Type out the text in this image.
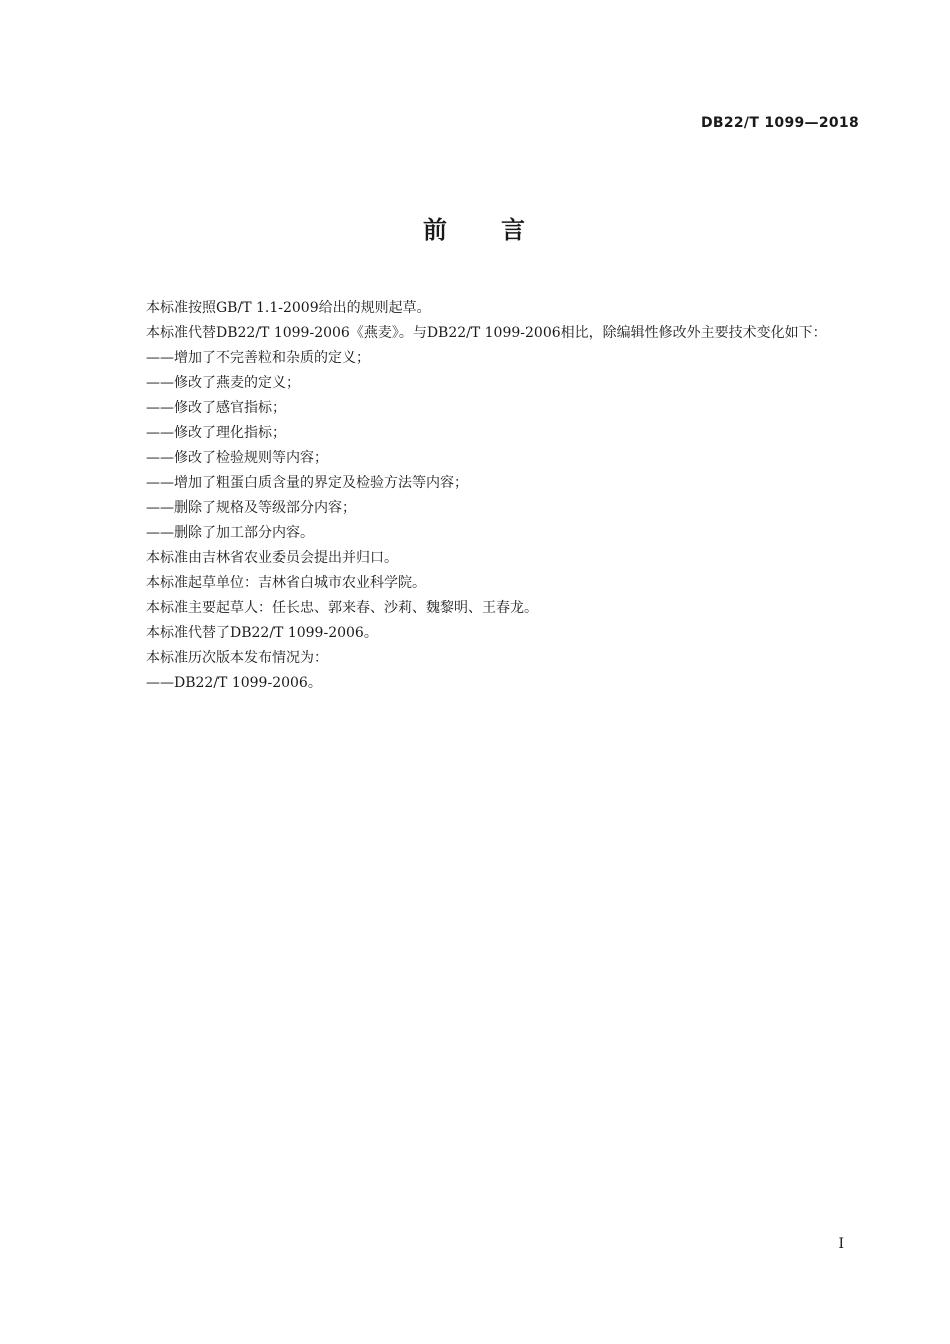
DB22/T 1099—2018
前 言

本标准按照GB/T 1.1-2009给出的规则起草。

本标准代替DB22/T 1099-2006《燕麦》。与DB22/T 1099-2006相比，除编辑性修改外主要技术变化如下：

——增加了不完善粒和杂质的定义；

——修改了燕麦的定义；

——修改了感官指标；

——修改了理化指标；

——修改了检验规则等内容；

——增加了粗蛋白质含量的界定及检验方法等内容；

——删除了规格及等级部分内容；

——删除了加工部分内容。

本标准由吉林省农业委员会提出并归口。

本标准起草单位：吉林省白城市农业科学院。

本标准主要起草人：任长忠、郭来春、沙莉、魏黎明、王春龙。

本标准代替了DB22/T 1099-2006。

本标准历次版本发布情况为：

——DB22/T 1099-2006。

I
